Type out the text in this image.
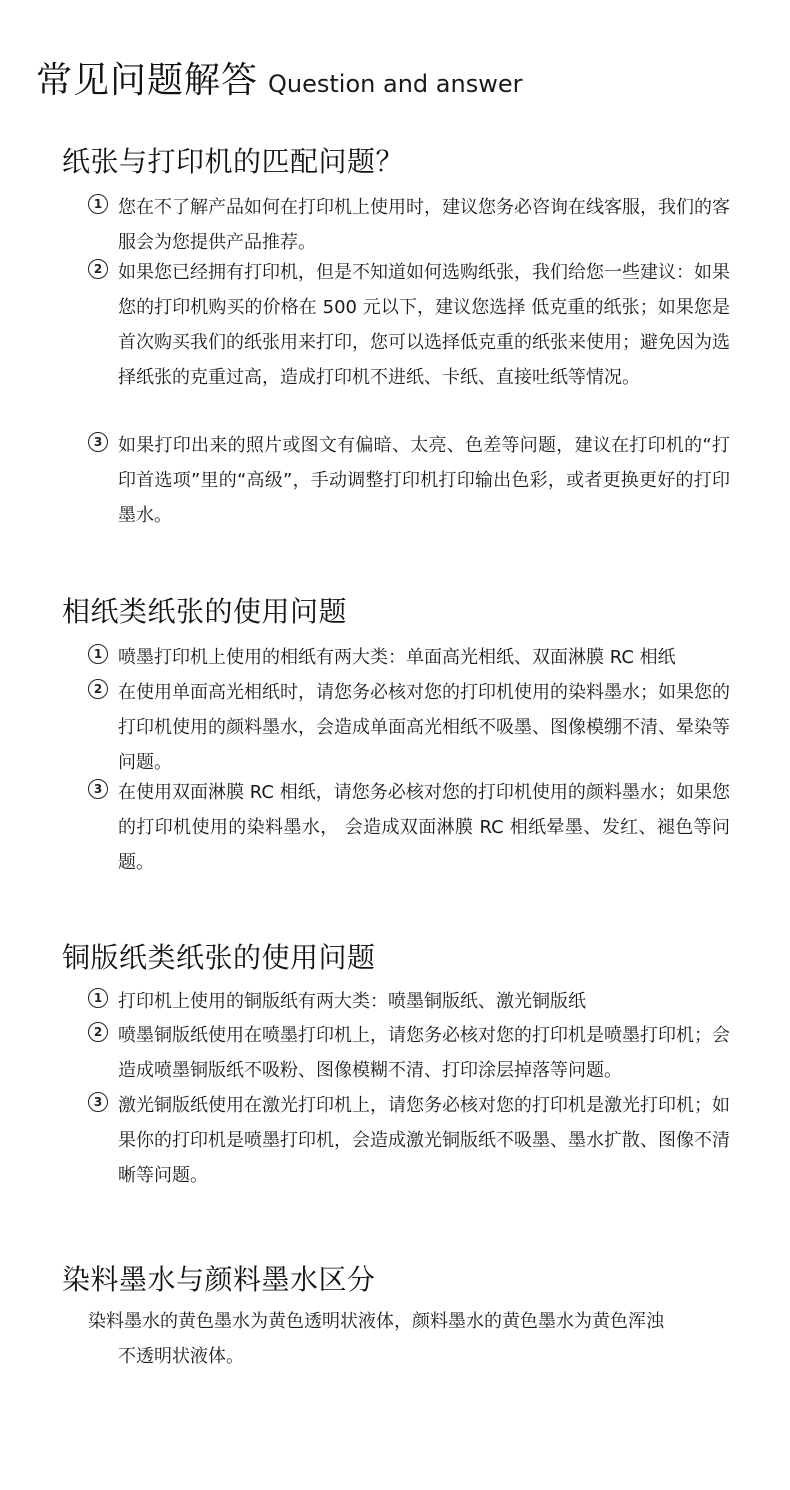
常见问题解答 Question and answer
纸张与打印机的匹配问题？
1 您在不了解产品如何在打印机上使用时，建议您务必咨询在线客服，我们的客服会为您提供产品推荐。
2 如果您已经拥有打印机，但是不知道如何选购纸张，我们给您一些建议：如果您的打印机购买的价格在 500 元以下，建议您选择 低克重的纸张；如果您是首次购买我们的纸张用来打印，您可以选择低克重的纸张来使用；避免因为选择纸张的克重过高，造成打印机不进纸、卡纸、直接吐纸等情况。
3 如果打印出来的照片或图文有偏暗、太亮、色差等问题，建议在打印机的“打印首选项”里的“高级”，手动调整打印机打印输出色彩，或者更换更好的打印墨水。
相纸类纸张的使用问题
1 喷墨打印机上使用的相纸有两大类：单面高光相纸、双面淋膜 RC 相纸
2 在使用单面高光相纸时，请您务必核对您的打印机使用的染料墨水；如果您的打印机使用的颜料墨水，会造成单面高光相纸不吸墨、图像模绷不清、晕染等问题。
3 在使用双面淋膜 RC 相纸，请您务必核对您的打印机使用的颜料墨水；如果您的打印机使用的染料墨水， 会造成双面淋膜 RC 相纸晕墨、发红、褪色等问题。
铜版纸类纸张的使用问题
1 打印机上使用的铜版纸有两大类：喷墨铜版纸、激光铜版纸
2 喷墨铜版纸使用在喷墨打印机上，请您务必核对您的打印机是喷墨打印机；会造成喷墨铜版纸不吸粉、图像模糊不清、打印涂层掉落等问题。
3 激光铜版纸使用在激光打印机上，请您务必核对您的打印机是激光打印机；如果你的打印机是喷墨打印机，会造成激光铜版纸不吸墨、墨水扩散、图像不清晰等问题。
染料墨水与颜料墨水区分
染料墨水的黄色墨水为黄色透明状液体，颜料墨水的黄色墨水为黄色浑浊
不透明状液体。
